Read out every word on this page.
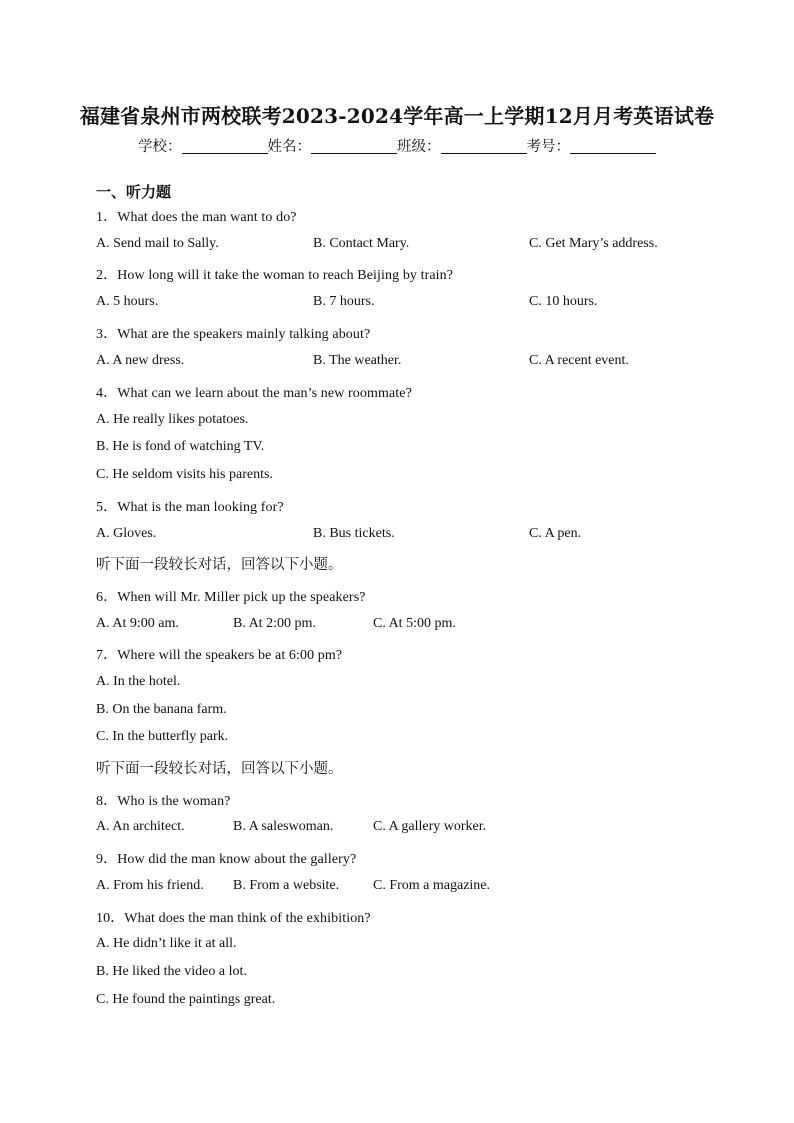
福建省泉州市两校联考2023-2024学年高一上学期12月月考英语试卷
学校：	姓名：	班级：	考号：
一、听力题
1．What does the man want to do?
A. Send mail to Sally.	B. Contact Mary.	C. Get Mary’s address.
2．How long will it take the woman to reach Beijing by train?
A. 5 hours.	B. 7 hours.	C. 10 hours.
3．What are the speakers mainly talking about?
A. A new dress.	B. The weather.	C. A recent event.
4．What can we learn about the man’s new roommate?
A. He really likes potatoes.
B. He is fond of watching TV.
C. He seldom visits his parents.
5．What is the man looking for?
A. Gloves.	B. Bus tickets.	C. A pen.
听下面一段较长对话，回答以下小题。
6．When will Mr. Miller pick up the speakers?
A. At 9:00 am.	B. At 2:00 pm.	C. At 5:00 pm.
7．Where will the speakers be at 6:00 pm?
A. In the hotel.
B. On the banana farm.
C. In the butterfly park.
听下面一段较长对话，回答以下小题。
8．Who is the woman?
A. An architect.	B. A saleswoman.	C. A gallery worker.
9．How did the man know about the gallery?
A. From his friend. B. From a website. C. From a magazine.
10．What does the man think of the exhibition?
A. He didn’t like it at all.
B. He liked the video a lot.
C. He found the paintings great.
